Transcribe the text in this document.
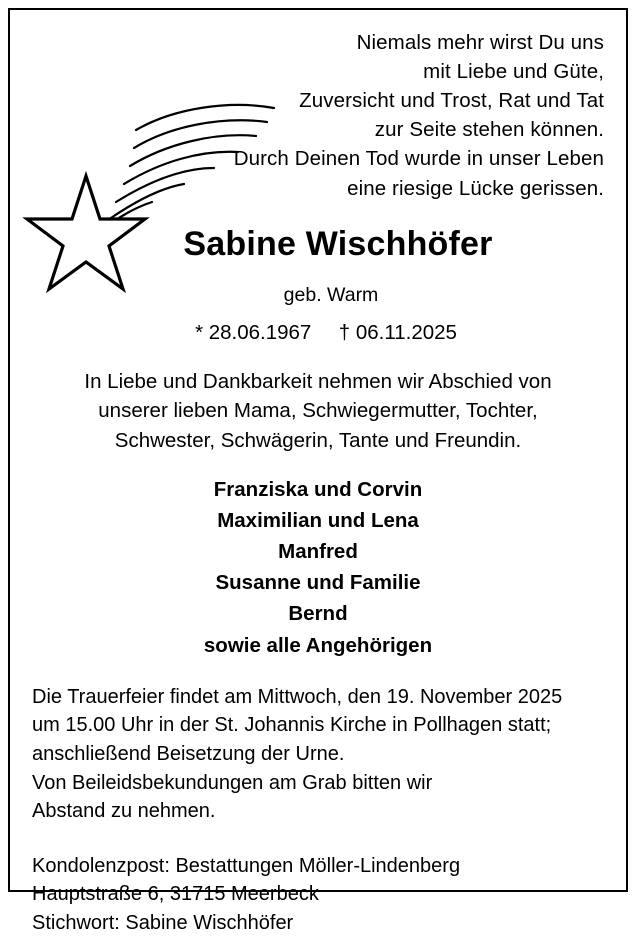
Niemals mehr wirst Du uns
mit Liebe und Güte,
Zuversicht und Trost, Rat und Tat
zur Seite stehen können.
Durch Deinen Tod wurde in unser Leben
eine riesige Lücke gerissen.
Sabine Wischhöfer
geb. Warm
* 28.06.1967 † 06.11.2025
In Liebe und Dankbarkeit nehmen wir Abschied von
unserer lieben Mama, Schwiegermutter, Tochter,
Schwester, Schwägerin, Tante und Freundin.
Franziska und Corvin
Maximilian und Lena
Manfred
Susanne und Familie
Bernd
sowie alle Angehörigen
Die Trauerfeier findet am Mittwoch, den 19. November 2025
um 15.00 Uhr in der St. Johannis Kirche in Pollhagen statt;
anschließend Beisetzung der Urne.
Von Beileidsbekundungen am Grab bitten wir
Abstand zu nehmen.
Kondolenzpost: Bestattungen Möller-Lindenberg
Hauptstraße 6, 31715 Meerbeck
Stichwort: Sabine Wischhöfer
